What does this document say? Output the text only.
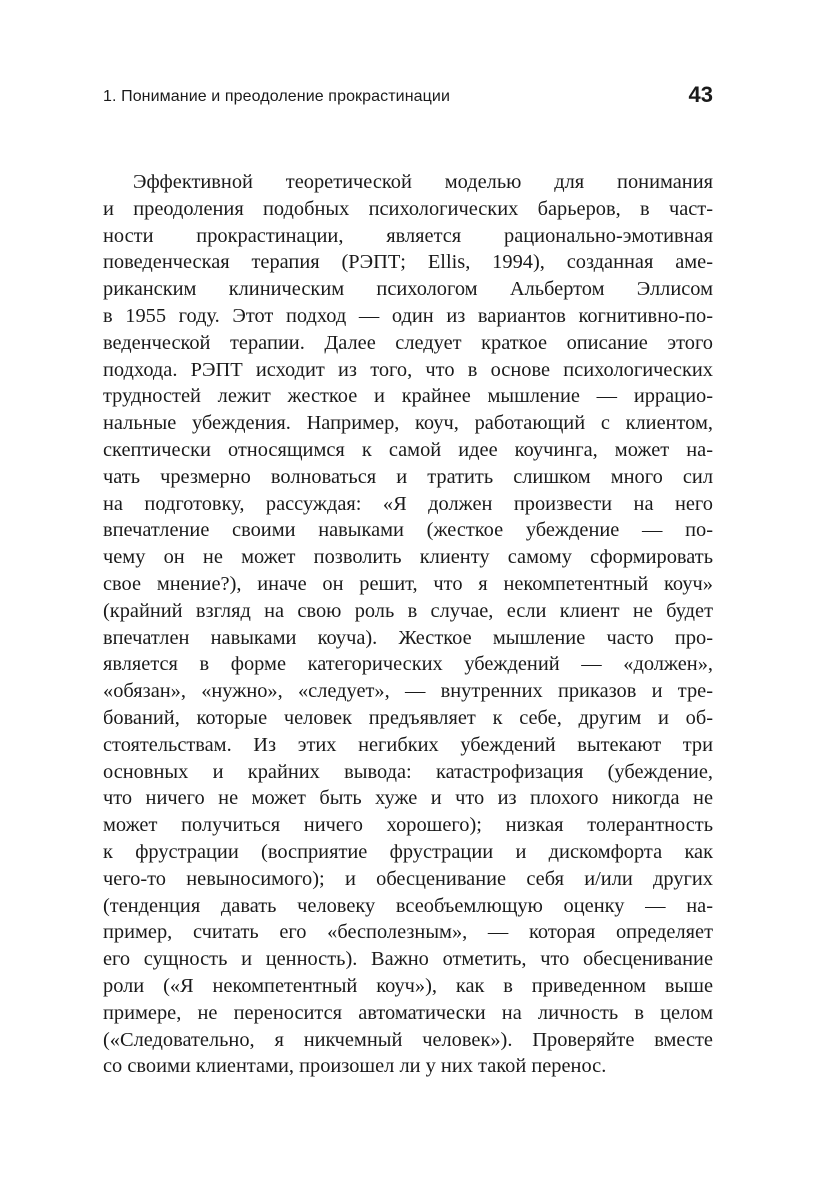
1. Понимание и преодоление прокрастинации	43

Эффективной теоретической моделью для понимания
и преодоления подобных психологических барьеров, в част-
ности прокрастинации, является рационально-эмотивная
поведенческая терапия (РЭПТ; Ellis, 1994), созданная аме-
риканским клиническим психологом Альбертом Эллисом
в 1955 году. Этот подход — один из вариантов когнитивно-по-
веденческой терапии. Далее следует краткое описание этого
подхода. РЭПТ исходит из того, что в основе психологических
трудностей лежит жесткое и крайнее мышление — иррацио-
нальные убеждения. Например, коуч, работающий с клиентом,
скептически относящимся к самой идее коучинга, может на-
чать чрезмерно волноваться и тратить слишком много сил
на подготовку, рассуждая: «Я должен произвести на него
впечатление своими навыками (жесткое убеждение — по-
чему он не может позволить клиенту самому сформировать
свое мнение?), иначе он решит, что я некомпетентный коуч»
(крайний взгляд на свою роль в случае, если клиент не будет
впечатлен навыками коуча). Жесткое мышление часто про-
является в форме категорических убеждений — «должен»,
«обязан», «нужно», «следует», — внутренних приказов и тре-
бований, которые человек предъявляет к себе, другим и об-
стоятельствам. Из этих негибких убеждений вытекают три
основных и крайних вывода: катастрофизация (убеждение,
что ничего не может быть хуже и что из плохого никогда не
может получиться ничего хорошего); низкая толерантность
к фрустрации (восприятие фрустрации и дискомфорта как
чего-то невыносимого); и обесценивание себя и/или других
(тенденция давать человеку всеобъемлющую оценку — на-
пример, считать его «бесполезным», — которая определяет
его сущность и ценность). Важно отметить, что обесценивание
роли («Я некомпетентный коуч»), как в приведенном выше
примере, не переносится автоматически на личность в целом
(«Следовательно, я никчемный человек»). Проверяйте вместе
со своими клиентами, произошел ли у них такой перенос.
